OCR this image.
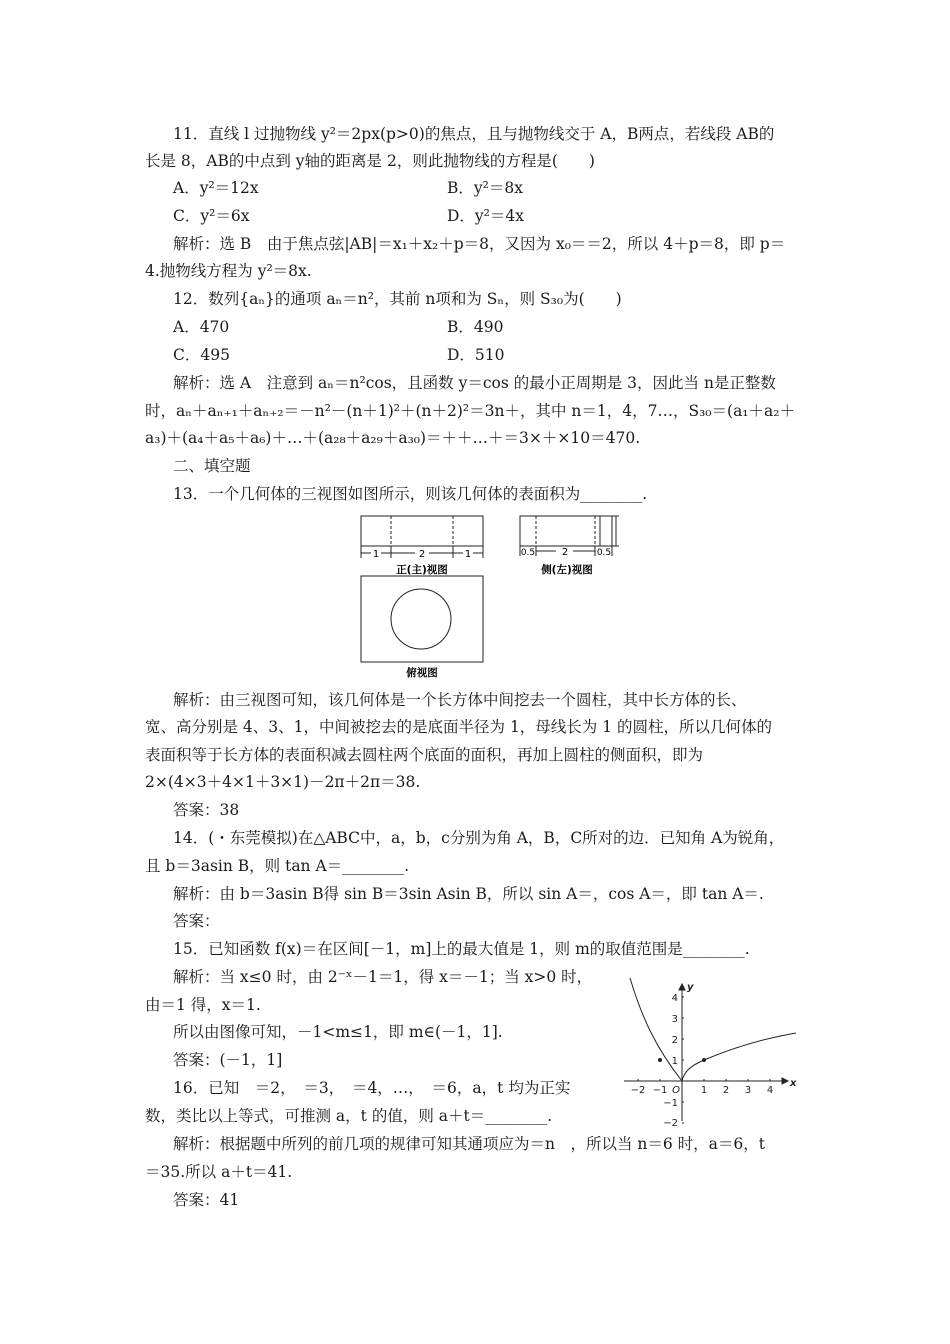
11．直线 l 过抛物线 y²＝2px(p>0)的焦点，且与抛物线交于 A，B两点，若线段 AB的
长是 8，AB的中点到 y轴的距离是 2，则此抛物线的方程是(　　)
A．y²＝12x	B．y²＝8x
C．y²＝6x	D．y²＝4x
解析：选 B　由于焦点弦|AB|＝x₁＋x₂＋p＝8，又因为 x₀＝＝2，所以 4＋p＝8，即 p＝
4.抛物线方程为 y²＝8x.
12．数列{aₙ}的通项 aₙ＝n²，其前 n项和为 Sₙ，则 S₃₀为(　　)
A．470	B．490
C．495	D．510
解析：选 A　注意到 aₙ＝n²cos，且函数 y＝cos 的最小正周期是 3，因此当 n是正整数
时，aₙ＋aₙ₊₁＋aₙ₊₂＝－n²－(n＋1)²＋(n＋2)²＝3n＋，其中 n＝1，4，7…，S₃₀＝(a₁＋a₂＋
a₃)＋(a₄＋a₅＋a₆)＋…＋(a₂₈＋a₂₉＋a₃₀)＝＋＋…＋＝3×＋×10＝470.
二、填空题
13．一个几何体的三视图如图所示，则该几何体的表面积为________.
1	2	1
正(主)视图
0.5	2	0.5
侧(左)视图
俯视图
解析：由三视图可知，该几何体是一个长方体中间挖去一个圆柱，其中长方体的长、
宽、高分别是 4、3、1，中间被挖去的是底面半径为 1，母线长为 1 的圆柱，所以几何体的
表面积等于长方体的表面积减去圆柱两个底面的面积，再加上圆柱的侧面积，即为
2×(4×3＋4×1＋3×1)－2π＋2π＝38.
答案：38
14．(・东莞模拟)在△ABC中，a，b，c分别为角 A，B，C所对的边．已知角 A为锐角，
且 b＝3asin B，则 tan A＝________.
解析：由 b＝3asin B得 sin B＝3sin Asin B，所以 sin A＝，cos A＝，即 tan A＝.
答案：
15．已知函数 f(x)＝在区间[－1，m]上的最大值是 1，则 m的取值范围是________.
解析：当 x≤0 时，由 2⁻ˣ－1＝1，得 x＝－1；当 x>0 时，
由＝1 得，x＝1.
所以由图像可知，－1<m≤1，即 m∈(－1，1].
答案：(－1，1]
−2 −1 O 1 2 3 4
4
3
2
1
−1
−2
x
y
16．已知　＝2，　＝3，　＝4，…，　＝6，a，t 均为正实
数，类比以上等式，可推测 a，t 的值，则 a＋t＝________.
解析：根据题中所列的前几项的规律可知其通项应为＝n　，所以当 n＝6 时，a＝6，t
＝35.所以 a＋t＝41.
答案：41
